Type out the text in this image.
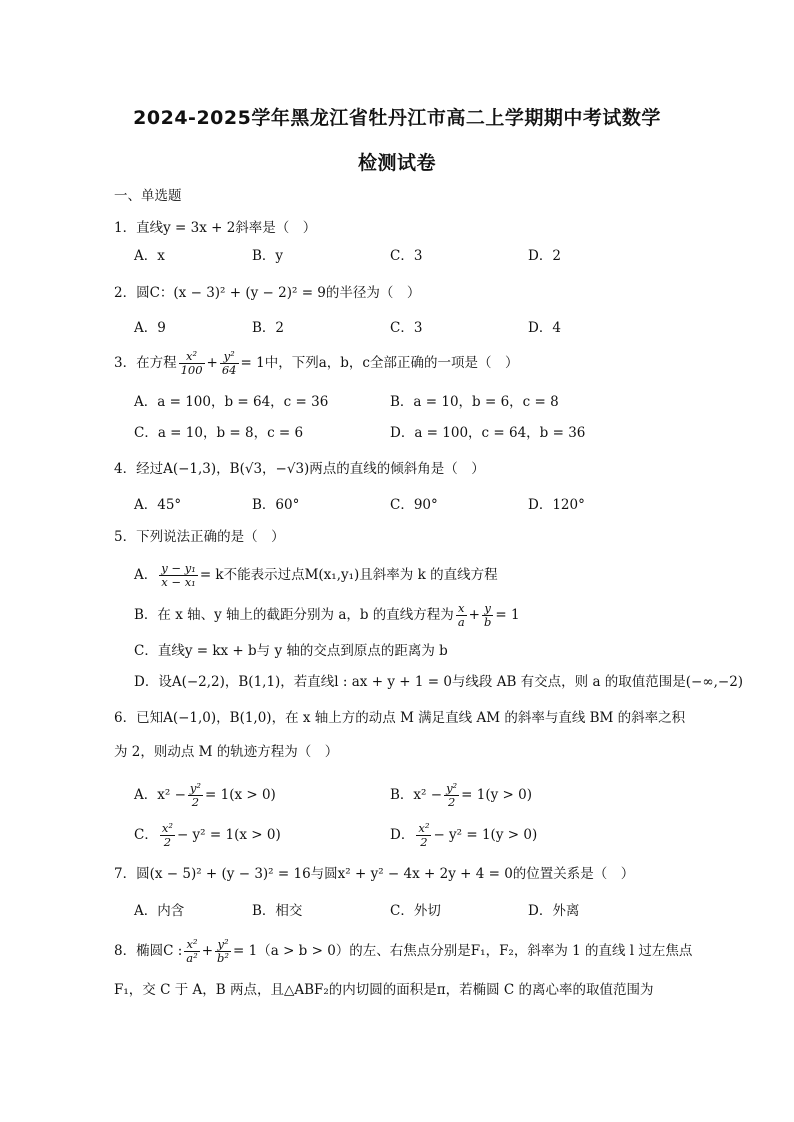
2024-2025学年黑龙江省牡丹江市高二上学期期中考试数学
检测试卷
一、单选题
1．直线y = 3x + 2斜率是（　）
A．x	B．y	C．3	D．2
2．圆C：(x − 3)² + (y − 2)² = 9的半径为（　）
A．9	B．2	C．3	D．4
3．在方程 $\frac{\text{x²}}{100} + \frac{\text{y²}}{64} = 1$中，下列a，b，c全部正确的一项是（　）
A．a = 100，b = 64，c = 36	B．a = 10，b = 6，c = 8
C．a = 10，b = 8，c = 6	D．a = 100，c = 64，b = 36
4．经过A(−1,3)，B(√3，−√3)两点的直线的倾斜角是（　）
A．45°	B．60°	C．90°	D．120°
5．下列说法正确的是（　）
A． $\frac{\text{y − y₁}}{\text{x − x₁}} = k$不能表示过点M(x₁,y₁)且斜率为 k 的直线方程
B．在 x 轴、y 轴上的截距分别为 a，b 的直线方程为 $\frac{x}{a} + \frac{y}{b} = 1$
C．直线y = kx + b与 y 轴的交点到原点的距离为 b
D．设A(−2,2)，B(1,1)，若直线l : ax + y + 1 = 0与线段 AB 有交点，则 a 的取值范围是(−∞,−2)
6．已知A(−1,0)，B(1,0)，在 x 轴上方的动点 M 满足直线 AM 的斜率与直线 BM 的斜率之积
为 2，则动点 M 的轨迹方程为（　）
A．$x^2 - \frac{\text{y²}}{2} = 1(x > 0)$	B．$x^2 - \frac{\text{y²}}{2} = 1(y > 0)$
C． $\frac{\text{x²}}{2} - y^2 = 1(x > 0)$	D． $\frac{\text{x²}}{2} - y^2 = 1(y > 0)$
7．圆(x − 5)² + (y − 3)² = 16与圆x² + y² − 4x + 2y + 4 = 0的位置关系是（　）
A．内含	B．相交	C．外切	D．外离
8．椭圆C : $\frac{\text{x²}}{\text{a²}} + \frac{\text{y²}}{\text{b²}} = 1(a > b > 0)$的左、右焦点分别是F₁，F₂，斜率为 1 的直线 l 过左焦点
F₁，交 C 于 A，B 两点，且△ABF₂的内切圆的面积是π，若椭圆 C 的离心率的取值范围为
